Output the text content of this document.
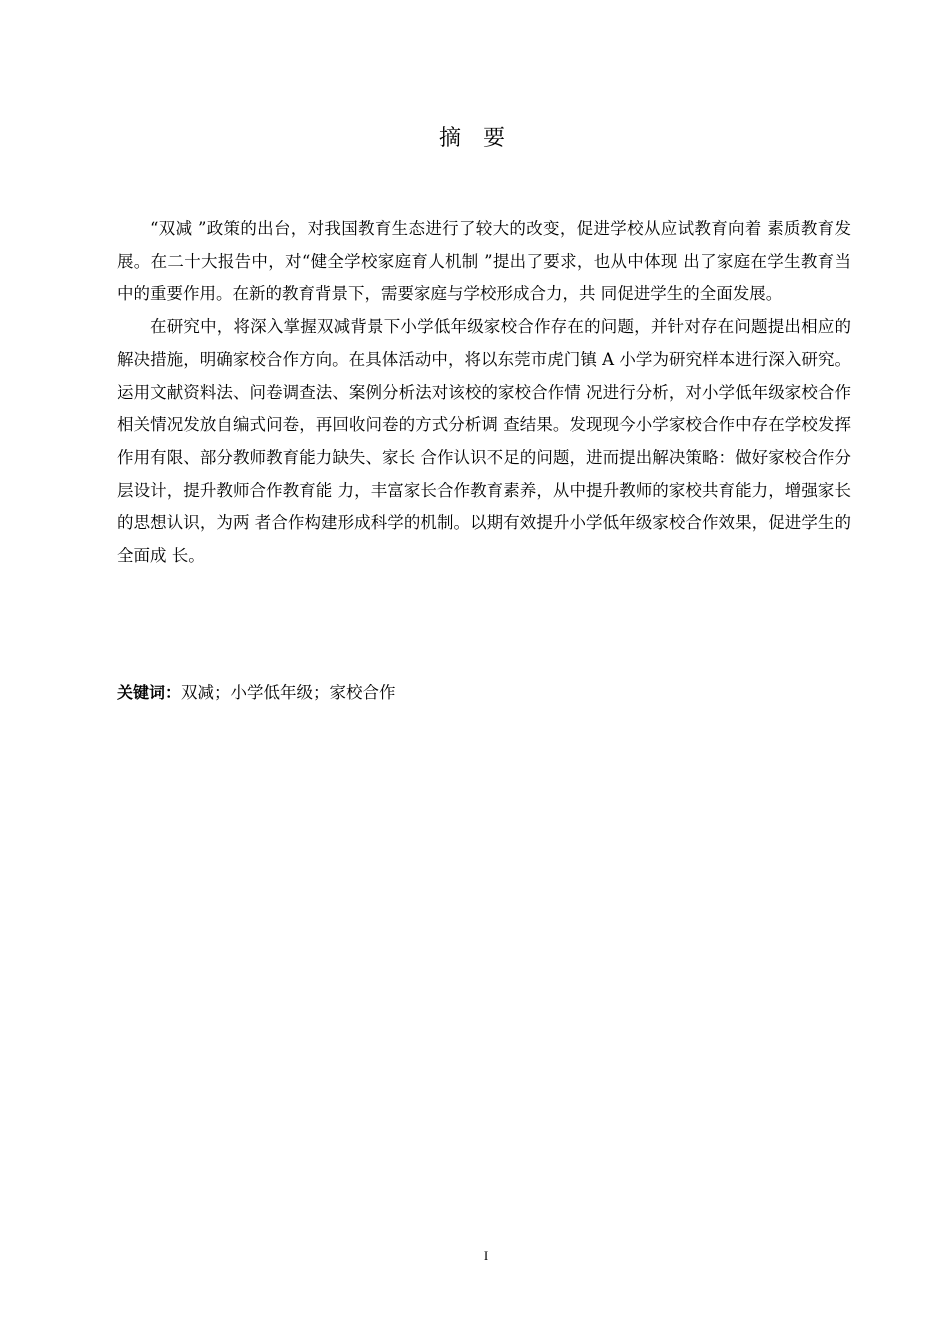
摘要

“双减 ”政策的出台，对我国教育生态进行了较大的改变，促进学校从应试教育向着 素质教育发展。在二十大报告中，对“健全学校家庭育人机制 ”提出了要求，也从中体现 出了家庭在学生教育当中的重要作用。在新的教育背景下，需要家庭与学校形成合力，共 同促进学生的全面发展。

在研究中，将深入掌握双减背景下小学低年级家校合作存在的问题，并针对存在问题提出相应的解决措施，明确家校合作方向。在具体活动中，将以东莞市虎门镇 A 小学为研究样本进行深入研究。运用文献资料法、问卷调查法、案例分析法对该校的家校合作情 况进行分析，对小学低年级家校合作相关情况发放自编式问卷，再回收问卷的方式分析调 查结果。发现现今小学家校合作中存在学校发挥作用有限、部分教师教育能力缺失、家长 合作认识不足的问题，进而提出解决策略：做好家校合作分层设计，提升教师合作教育能 力，丰富家长合作教育素养，从中提升教师的家校共育能力，增强家长的思想认识，为两 者合作构建形成科学的机制。以期有效提升小学低年级家校合作效果，促进学生的全面成 长。

关键词：双减；小学低年级；家校合作
I
